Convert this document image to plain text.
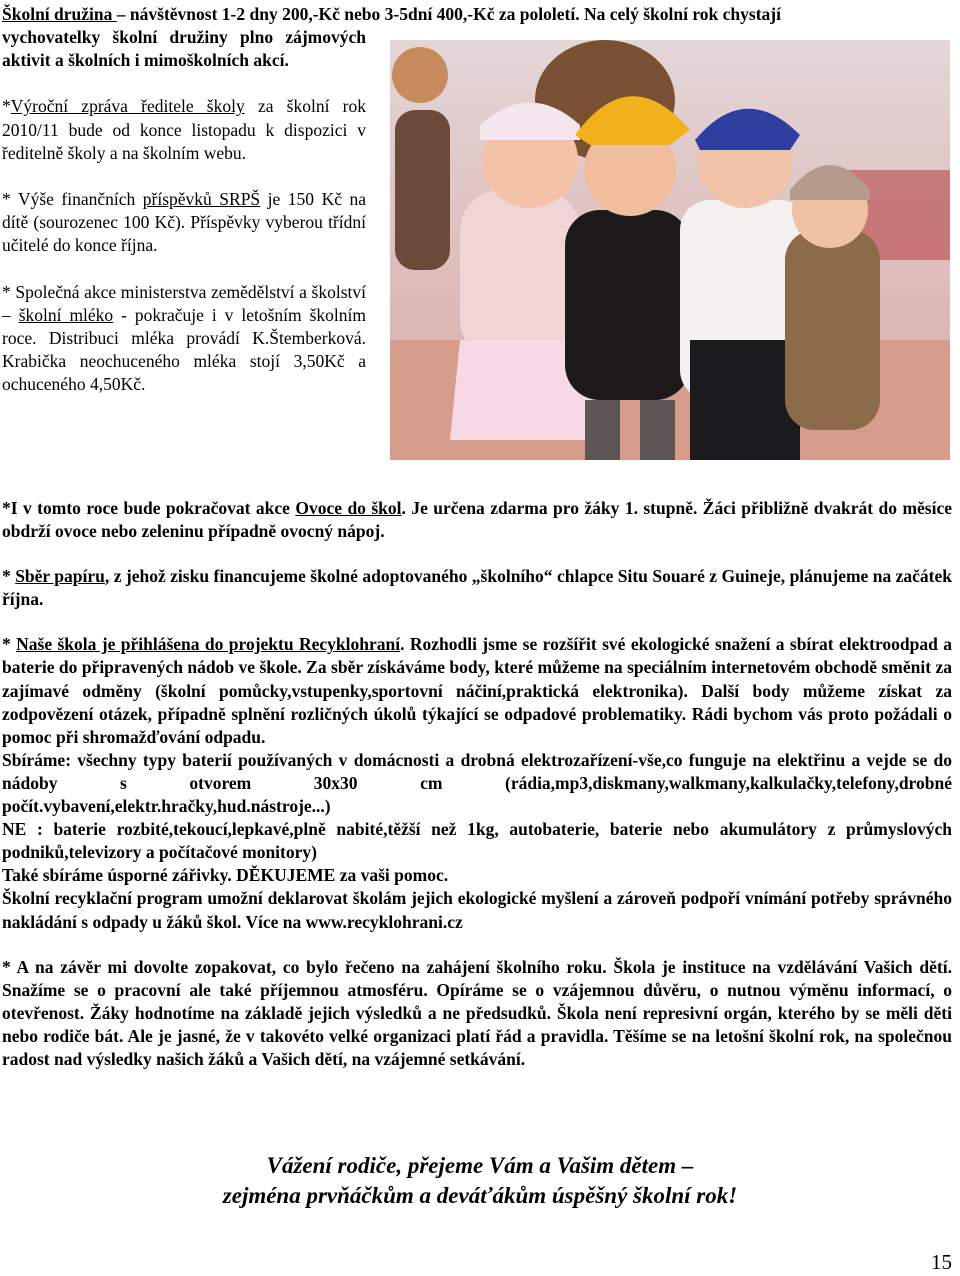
Školní družina – návštěvnost 1-2 dny 200,-Kč nebo 3-5dní 400,-Kč za pololetí. Na celý školní rok chystají

vychovatelky školní družiny plno zájmových aktivit a školních i mimoškolních akcí.

*Výroční zpráva ředitele školy za školní rok 2010/11 bude od konce listopadu k dispozici v ředitelně školy a na školním webu.

* Výše finančních příspěvků SRPŠ je 150 Kč na dítě (sourozenec 100 Kč). Příspěvky vyberou třídní učitelé do konce října.

* Společná akce ministerstva zemědělství a školství – školní mléko - pokračuje i v letošním školním roce. Distribuci mléka provádí K.Štemberková. Krabička neochuceného mléka stojí 3,50Kč a ochuceného 4,50Kč.

*I v tomto roce bude pokračovat akce Ovoce do škol. Je určena zdarma pro žáky 1. stupně. Žáci přibližně dvakrát do měsíce obdrží ovoce nebo zeleninu případně ovocný nápoj.

* Sběr papíru, z jehož zisku financujeme školné adoptovaného „školního“ chlapce Situ Souaré z Guineje, plánujeme na začátek října.

* Naše škola je přihlášena do projektu Recyklohraní. Rozhodli jsme se rozšířit své ekologické snažení a sbírat elektroodpad a baterie do připravených nádob ve škole. Za sběr získáváme body, které můžeme na speciálním internetovém obchodě směnit za zajímavé odměny (školní pomůcky,vstupenky,sportovní náčiní,praktická elektronika). Další body můžeme získat za zodpovězení otázek, případně splnění rozličných úkolů týkající se odpadové problematiky. Rádi bychom vás proto požádali o pomoc při shromažďování odpadu.

Sbíráme: všechny typy baterií používaných v domácnosti a drobná elektrozařízení-vše,co funguje na elektřinu a vejde se do nádoby s otvorem 30x30 cm (rádia,mp3,diskmany,walkmany,kalkulačky,telefony,drobné počít.vybavení,elektr.hračky,hud.nástroje...)

NE : baterie rozbité,tekoucí,lepkavé,plně nabité,těžší než 1kg, autobaterie, baterie nebo akumulátory z průmyslových podniků,televizory a počítačové monitory)

Také sbíráme úsporné zářivky. DĚKUJEME za vaši pomoc.

Školní recyklační program umožní deklarovat školám jejich ekologické myšlení a zároveň podpoří vnímání potřeby správného nakládání s odpady u žáků škol. Více na www.recyklohrani.cz

* A na závěr mi dovolte zopakovat, co bylo řečeno na zahájení školního roku. Škola je instituce na vzdělávání Vašich dětí. Snažíme se o pracovní ale také příjemnou atmosféru. Opíráme se o vzájemnou důvěru, o nutnou výměnu informací, o otevřenost. Žáky hodnotíme na základě jejich výsledků a ne předsudků. Škola není represivní orgán, kterého by se měli děti nebo rodiče bát. Ale je jasné, že v takovéto velké organizaci platí řád a pravidla. Těšíme se na letošní školní rok, na společnou radost nad výsledky našich žáků a Vašich dětí, na vzájemné setkávání.

Vážení rodiče, přejeme Vám a Vašim dětem –
zejména prvňáčkům a deváťákům úspěšný školní rok!
15
